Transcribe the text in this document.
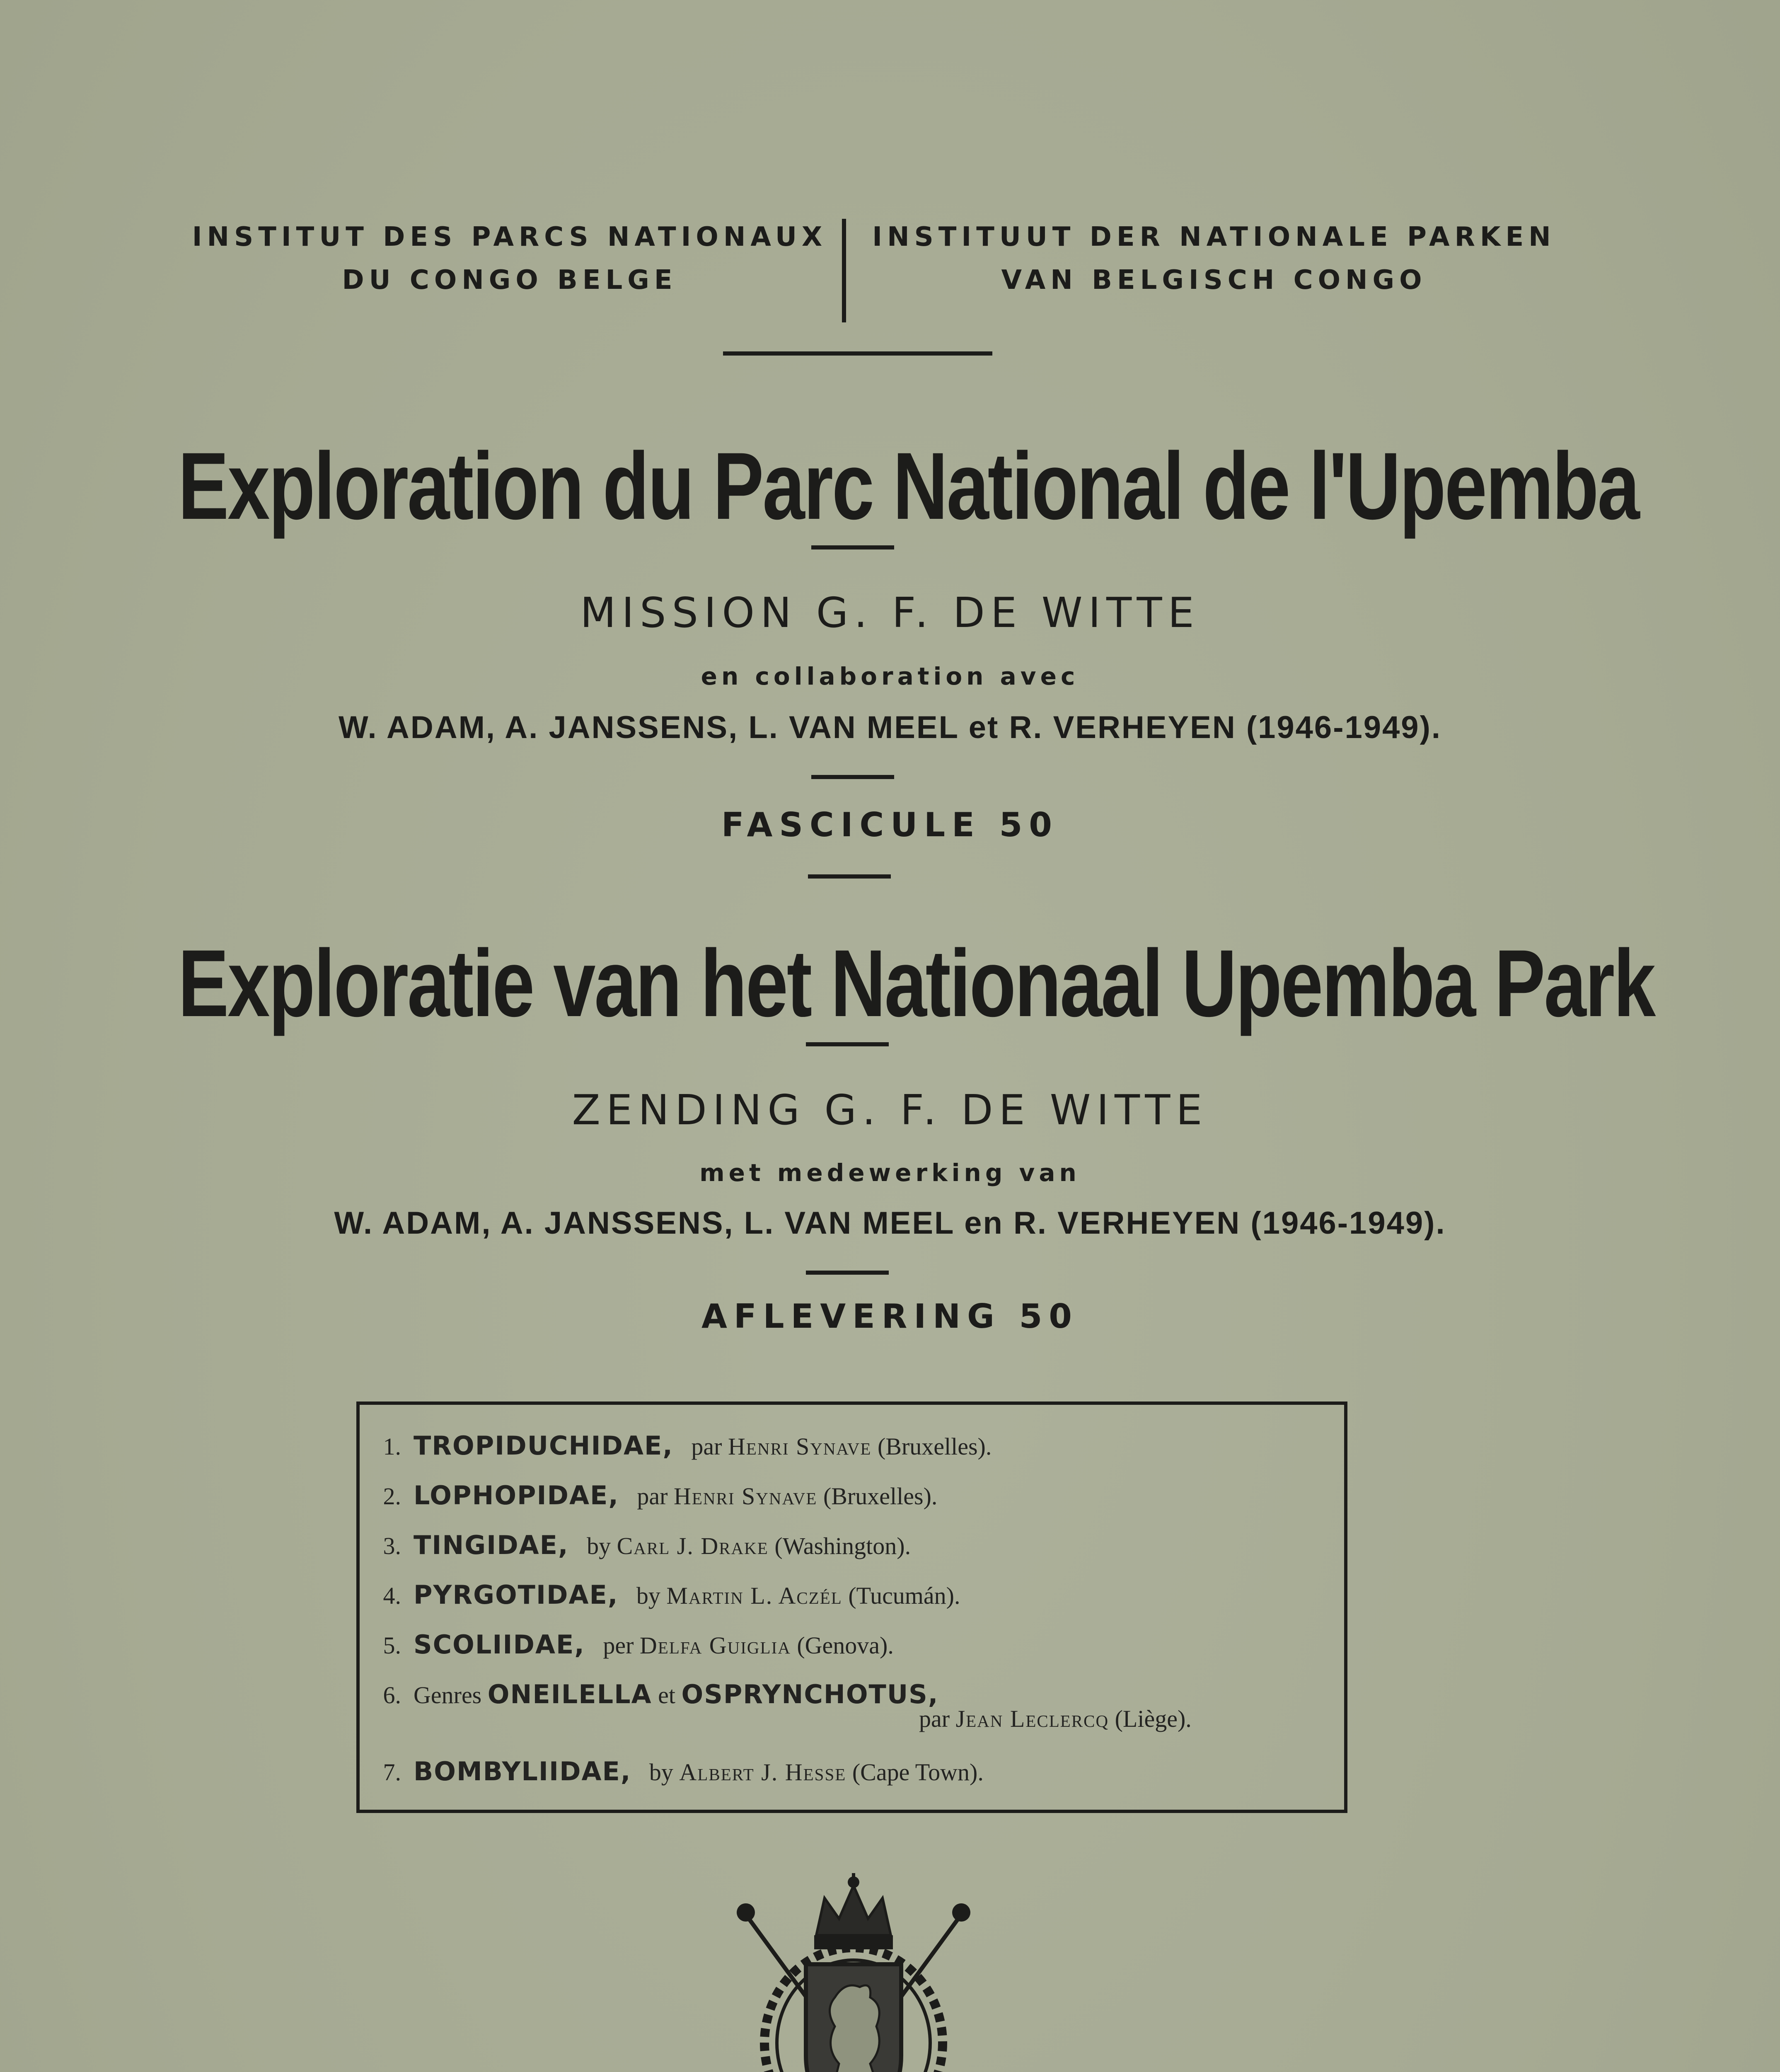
INSTITUT DES PARCS NATIONAUX
DU CONGO BELGE
INSTITUUT DER NATIONALE PARKEN
VAN BELGISCH CONGO
Exploration du Parc National de l'Upemba
MISSION G. F. DE WITTE
en collaboration avec
W. ADAM, A. JANSSENS, L. VAN MEEL et R. VERHEYEN (1946-1949).
FASCICULE 50
Exploratie van het Nationaal Upemba Park
ZENDING G. F. DE WITTE
met medewerking van
W. ADAM, A. JANSSENS, L. VAN MEEL en R. VERHEYEN (1946-1949).
AFLEVERING 50
1. TROPIDUCHIDAE, par Henri Synave (Bruxelles).
2. LOPHOPIDAE, par Henri Synave (Bruxelles).
3. TINGIDAE, by Carl J. Drake (Washington).
4. PYRGOTIDAE, by Martin L. Aczél (Tucumán).
5. SCOLIIDAE, per Delfa Guiglia (Genova).
6. Genres ONEILELLA et OSPRYNCHOTUS,
par Jean Leclercq (Liège).
7. BOMBYLIIDAE, by Albert J. Hesse (Cape Town).
